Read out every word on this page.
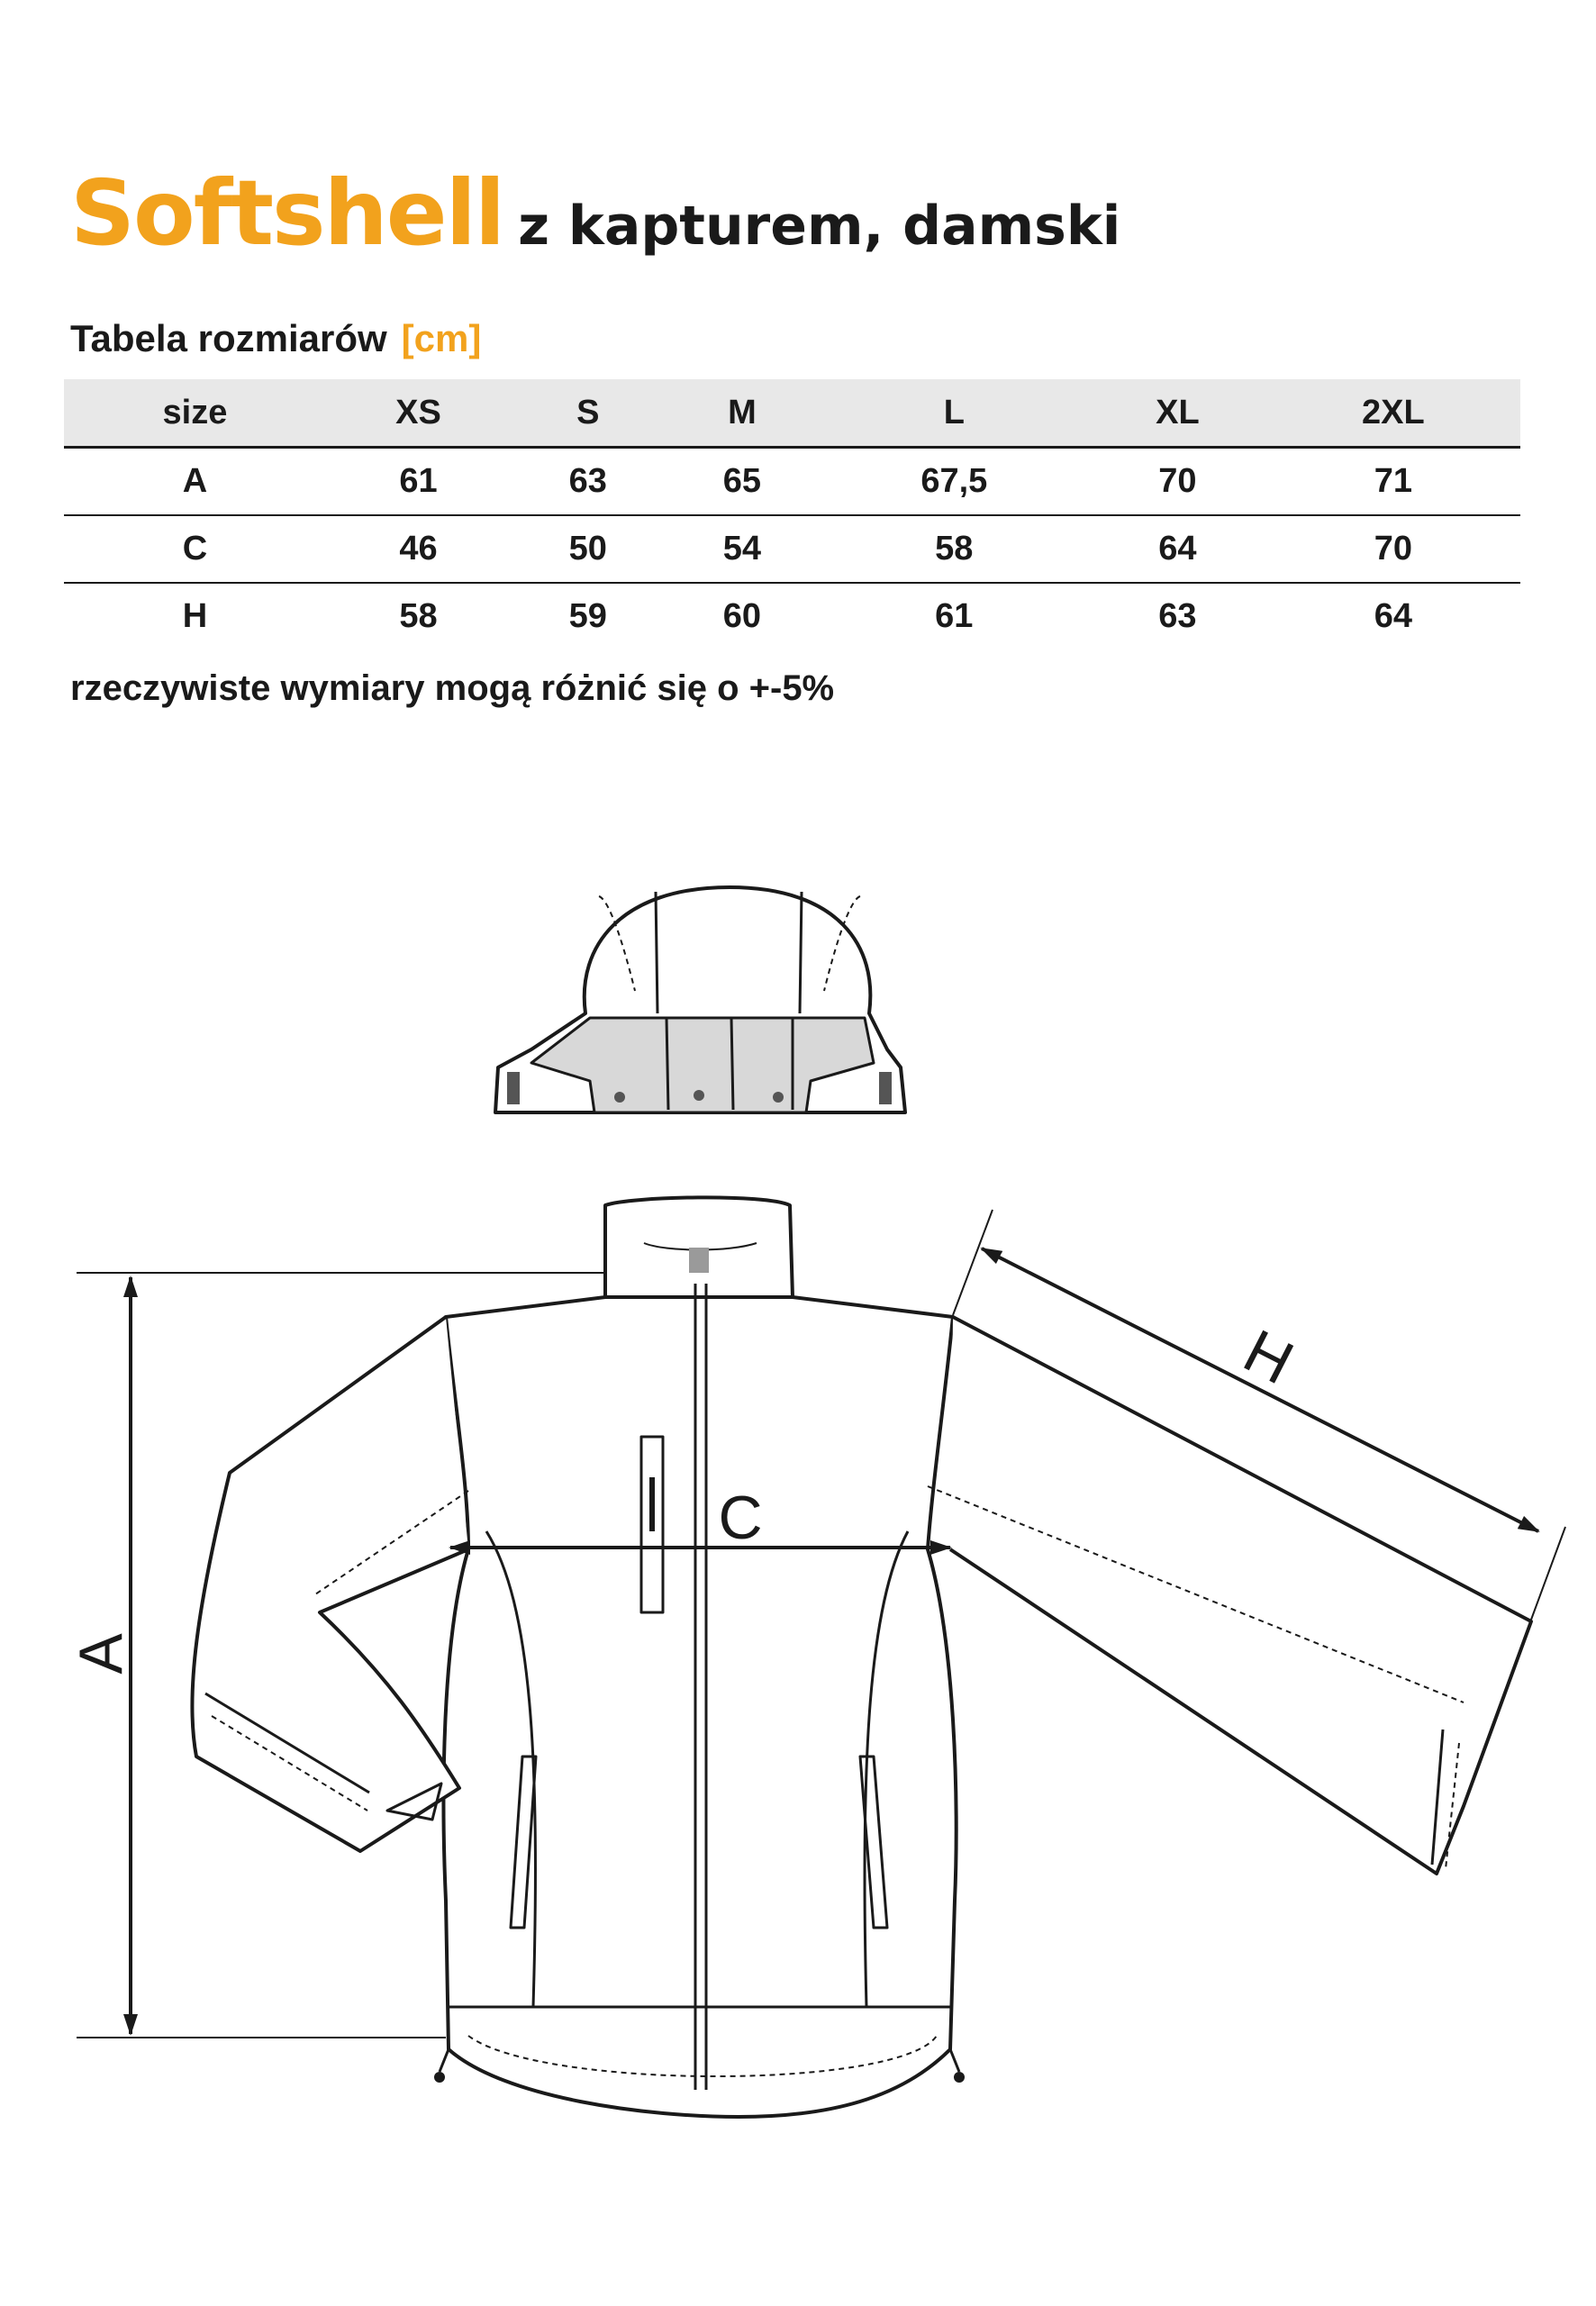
Softshell z kapturem, damski
Tabela rozmiarów [cm]
size	XS	S	M	L	XL	2XL
A	61	63	65	67,5	70	71
C	46	50	54	58	64	70
H	58	59	60	61	63	64
rzeczywiste wymiary mogą różnić się o +-5%
A
C
H
